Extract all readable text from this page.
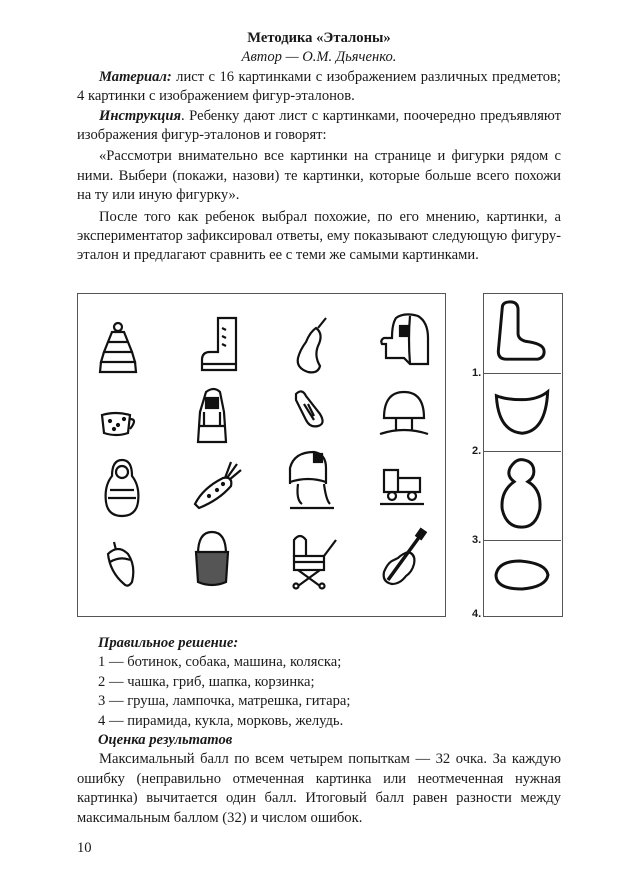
Методика «Эталоны»

Автор — О.М. Дьяченко.

Материал: лист с 16 картинками с изображением различных предметов; 4 картинки с изображением фигур-эталонов.

Инструкция. Ребенку дают лист с картинками, поочередно предъявляют изображения фигур-эталонов и говорят:

«Рассмотри внимательно все картинки на странице и фигурки рядом с ними. Выбери (покажи, назови) те картинки, которые больше всего похожи на ту или иную фигурку».

После того как ребенок выбрал похожие, по его мнению, картинки, а экспериментатор зафиксировал ответы, ему показывают следующую фигуру-эталон и предлагают сравнить ее с теми же самыми картинками.

1.
2.
3.
4.

Правильное решение:

1 — ботинок, собака, машина, коляска;

2 — чашка, гриб, шапка, корзинка;

3 — груша, лампочка, матрешка, гитара;

4 — пирамида, кукла, морковь, желудь.

Оценка результатов

Максимальный балл по всем четырем попыткам — 32 очка. За каждую ошибку (неправильно отмеченная картинка или неотмеченная нужная картинка) вычитается один балл. Итоговый балл равен разности между максимальным баллом (32) и числом ошибок.

10
